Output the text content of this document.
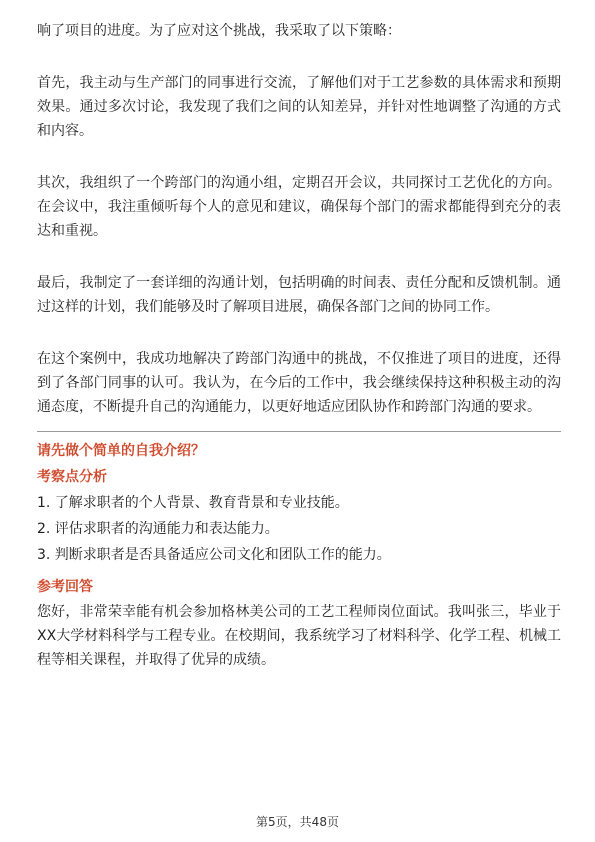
响了项目的进度。为了应对这个挑战，我采取了以下策略：

首先，我主动与生产部门的同事进行交流，了解他们对于工艺参数的具体需求和预期效果。通过多次讨论，我发现了我们之间的认知差异，并针对性地调整了沟通的方式和内容。

其次，我组织了一个跨部门的沟通小组，定期召开会议，共同探讨工艺优化的方向。在会议中，我注重倾听每个人的意见和建议，确保每个部门的需求都能得到充分的表达和重视。

最后，我制定了一套详细的沟通计划，包括明确的时间表、责任分配和反馈机制。通过这样的计划，我们能够及时了解项目进展，确保各部门之间的协同工作。

在这个案例中，我成功地解决了跨部门沟通中的挑战，不仅推进了项目的进度，还得到了各部门同事的认可。我认为，在今后的工作中，我会继续保持这种积极主动的沟通态度，不断提升自己的沟通能力，以更好地适应团队协作和跨部门沟通的要求。

请先做个简单的自我介绍？

考察点分析

1. 了解求职者的个人背景、教育背景和专业技能。

2. 评估求职者的沟通能力和表达能力。

3. 判断求职者是否具备适应公司文化和团队工作的能力。

参考回答

您好，非常荣幸能有机会参加格林美公司的工艺工程师岗位面试。我叫张三，毕业于XX大学材料科学与工程专业。在校期间，我系统学习了材料科学、化学工程、机械工程等相关课程，并取得了优异的成绩。

第5页，共48页
